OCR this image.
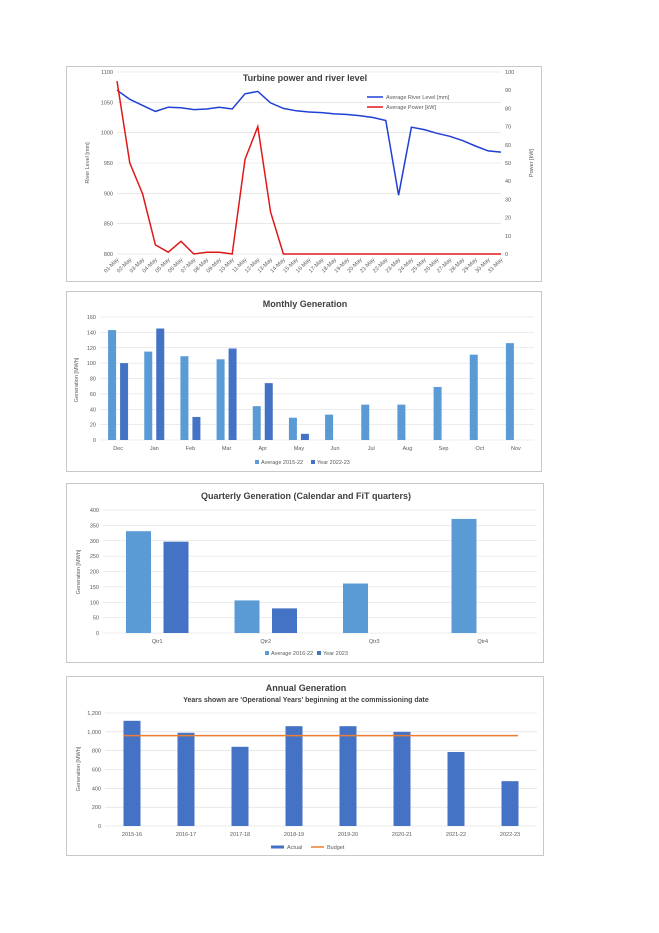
Turbine power and river level
River Level [mm]	Power [kW]
1100
1050
1000
950
900
850
800
100
90
80
70
60
50
40
30
20
10
0
01-May
02-May
03-May
04-May
05-May
06-May
07-May
08-May
09-May
10-May
11-May
12-May
13-May
14-May
15-May
16-May
17-May
18-May
19-May
20-May
21-May
22-May
23-May
24-May
25-May
26-May
27-May
28-May
29-May
30-May
31-May
Average River Level [mm]
Average Power [kW]
Monthly Generation
Generation [MWh]
160
140
120
100
80
60
40
20
0
Dec	Jan	Feb	Mar	Apr	May	Jun	Jul	Aug	Sep	Oct	Nov
Average 2015-22	Year 2022-23
Quarterly Generation (Calendar and FiT quarters)
Generation [MWh]
400
350
300
250
200
150
100
50
0
Qtr1	Qtr2	Qtr3	Qtr4
Average 2016-22 Year 2023
Annual Generation
Years shown are 'Operational Years' beginning at the commissioning date
Generation [MWh]
1,200
1,000
800
600
400
200
0
2015-16	2016-17	2017-18	2018-19	2019-20	2020-21	2021-22	2022-23
Actual	Budget
